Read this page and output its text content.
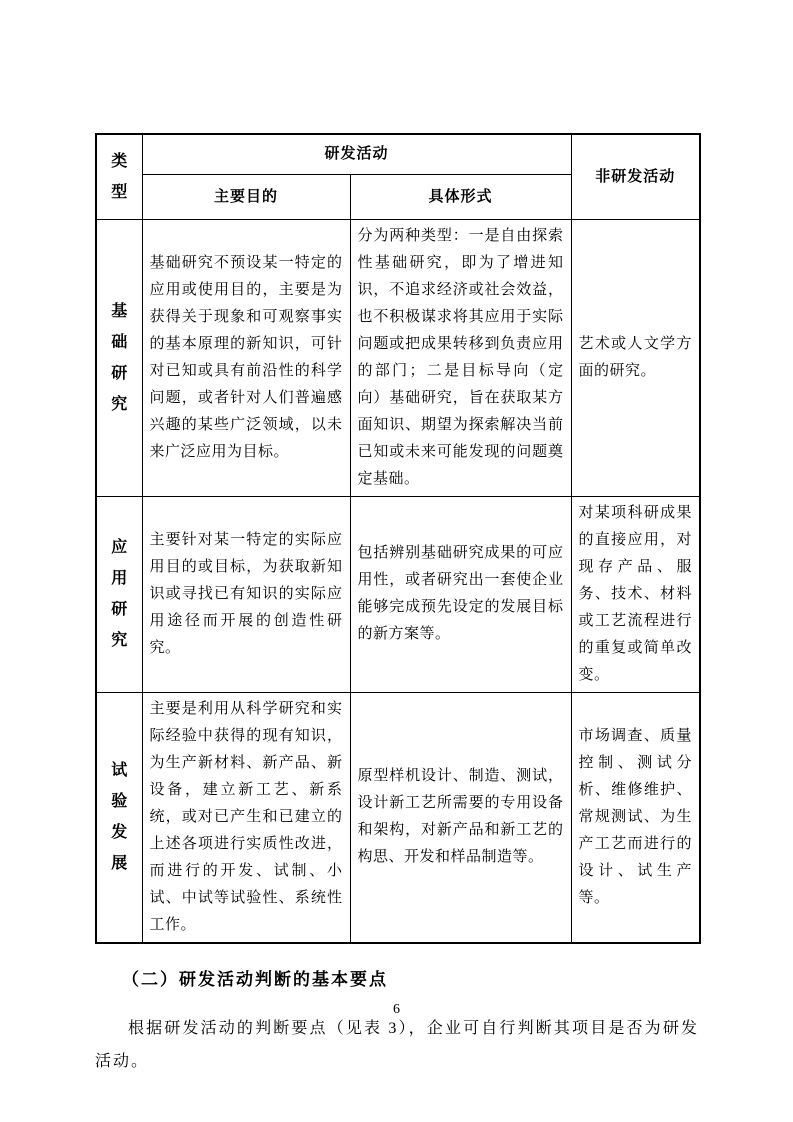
类型	研发活动		非研发活动
	主要目的	具体形式	

基础研究	基础研究不预设某一特定的应用或使用目的，主要是为获得关于现象和可观察事实的基本原理的新知识，可针对已知或具有前沿性的科学问题，或者针对人们普遍感兴趣的某些广泛领域，以未来广泛应用为目标。	分为两种类型：一是自由探索性基础研究，即为了增进知识，不追求经济或社会效益，也不积极谋求将其应用于实际问题或把成果转移到负责应用的部门；二是目标导向（定向）基础研究，旨在获取某方面知识、期望为探索解决当前已知或未来可能发现的问题奠定基础。	艺术或人文学方面的研究。

应用研究	主要针对某一特定的实际应用目的或目标，为获取新知识或寻找已有知识的实际应用途径而开展的创造性研究。	包括辨别基础研究成果的可应用性，或者研究出一套使企业能够完成预先设定的发展目标的新方案等。	对某项科研成果的直接应用，对现存产品、服务、技术、材料或工艺流程进行的重复或简单改变。

试验发展	主要是利用从科学研究和实际经验中获得的现有知识，为生产新材料、新产品、新设备，建立新工艺、新系统，或对已产生和已建立的上述各项进行实质性改进，而进行的开发、试制、小试、中试等试验性、系统性工作。	原型样机设计、制造、测试，设计新工艺所需要的专用设备和架构，对新产品和新工艺的构思、开发和样品制造等。	市场调查、质量控制、测试分析、维修维护、常规测试、为生产工艺而进行的设计、试生产等。
（二）研发活动判断的基本要点

根据研发活动的判断要点（见表 3），企业可自行判断其项目是否为研发活动。

6
